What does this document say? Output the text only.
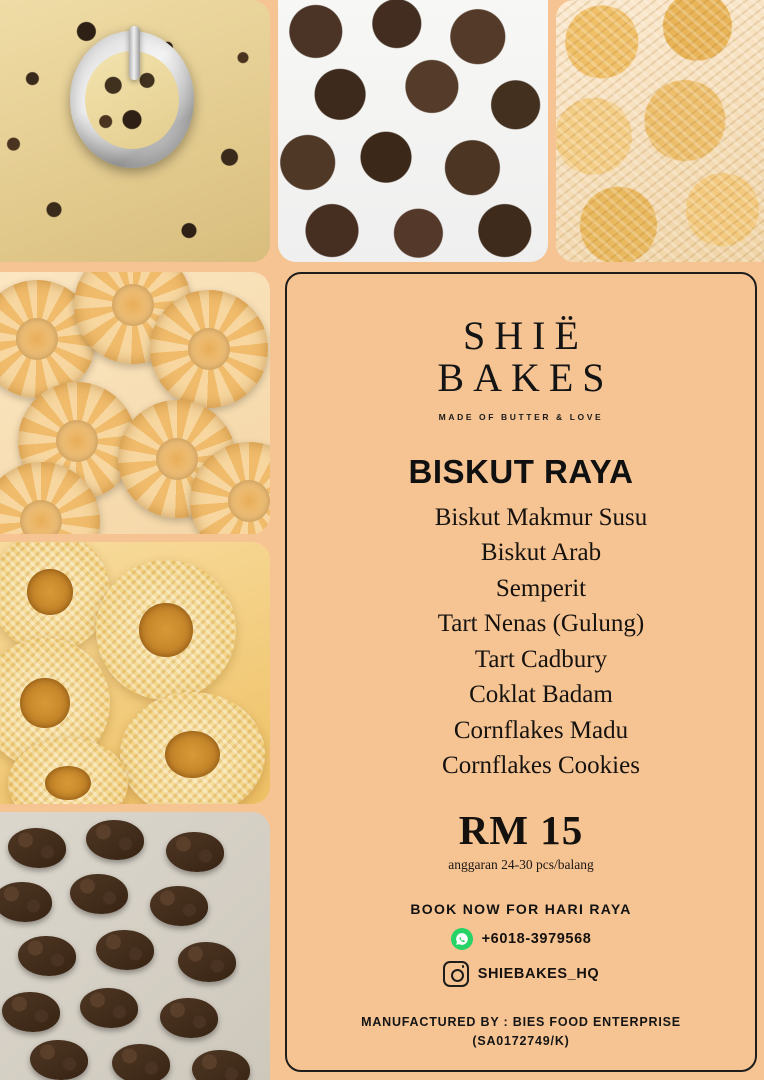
SHIË
BAKES
MADE OF BUTTER & LOVE
BISKUT RAYA
Biskut Makmur Susu
Biskut Arab
Semperit
Tart Nenas (Gulung)
Tart Cadbury
Coklat Badam
Cornflakes Madu
Cornflakes Cookies
RM 15
anggaran 24-30 pcs/balang
BOOK NOW FOR HARI RAYA
+6018-3979568
SHIEBAKES_HQ
MANUFACTURED BY : BIES FOOD ENTERPRISE
(SA0172749/K)
